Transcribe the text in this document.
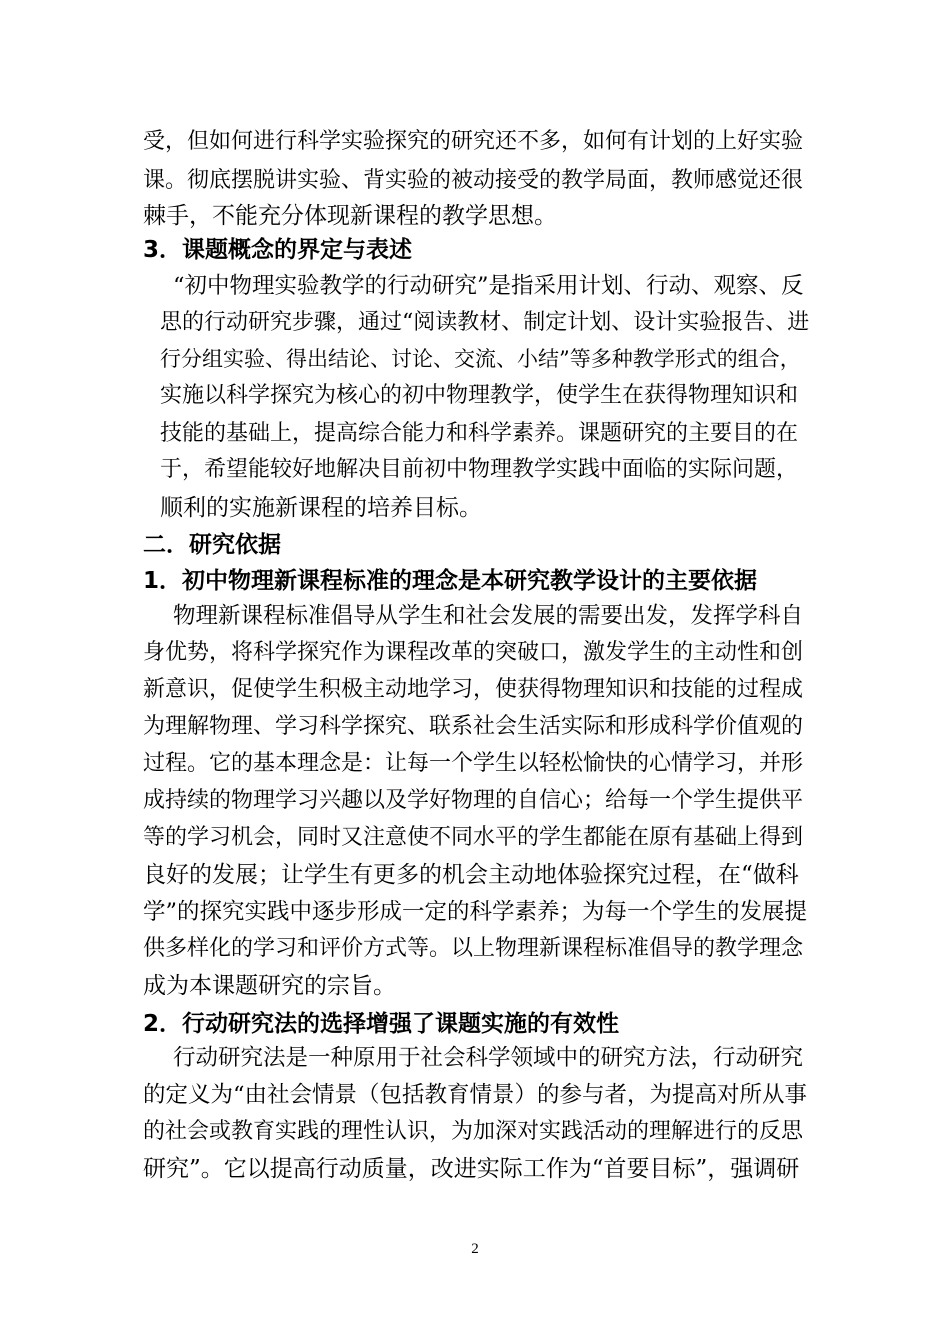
受，但如何进行科学实验探究的研究还不多，如何有计划的上好实验
课。彻底摆脱讲实验、背实验的被动接受的教学局面，教师感觉还很
棘手，不能充分体现新课程的教学思想。
3．课题概念的界定与表述
“初中物理实验教学的行动研究”是指采用计划、行动、观察、反
思的行动研究步骤，通过“阅读教材、制定计划、设计实验报告、进
行分组实验、得出结论、讨论、交流、小结”等多种教学形式的组合，
实施以科学探究为核心的初中物理教学，使学生在获得物理知识和
技能的基础上，提高综合能力和科学素养。课题研究的主要目的在
于，希望能较好地解决目前初中物理教学实践中面临的实际问题，
顺利的实施新课程的培养目标。
二．研究依据
1．初中物理新课程标准的理念是本研究教学设计的主要依据
物理新课程标准倡导从学生和社会发展的需要出发，发挥学科自
身优势，将科学探究作为课程改革的突破口，激发学生的主动性和创
新意识，促使学生积极主动地学习，使获得物理知识和技能的过程成
为理解物理、学习科学探究、联系社会生活实际和形成科学价值观的
过程。它的基本理念是：让每一个学生以轻松愉快的心情学习，并形
成持续的物理学习兴趣以及学好物理的自信心；给每一个学生提供平
等的学习机会，同时又注意使不同水平的学生都能在原有基础上得到
良好的发展；让学生有更多的机会主动地体验探究过程，在“做科
学”的探究实践中逐步形成一定的科学素养；为每一个学生的发展提
供多样化的学习和评价方式等。以上物理新课程标准倡导的教学理念
成为本课题研究的宗旨。
2．行动研究法的选择增强了课题实施的有效性
行动研究法是一种原用于社会科学领域中的研究方法，行动研究
的定义为“由社会情景（包括教育情景）的参与者，为提高对所从事
的社会或教育实践的理性认识，为加深对实践活动的理解进行的反思
研究”。它以提高行动质量，改进实际工作为“首要目标”，强调研
2
